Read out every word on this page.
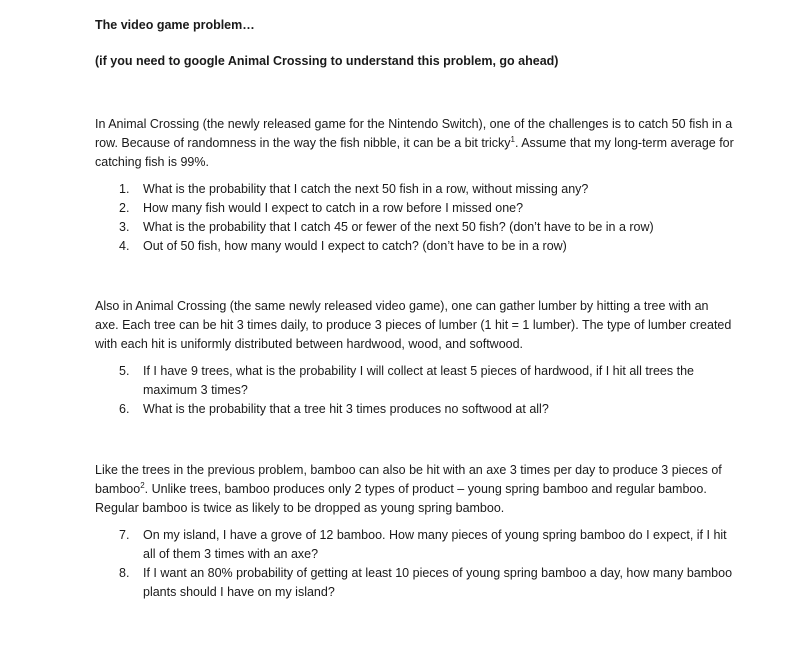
The video game problem…

(if you need to google Animal Crossing to understand this problem, go ahead)

In Animal Crossing (the newly released game for the Nintendo Switch), one of the challenges is to catch 50 fish in a row. Because of randomness in the way the fish nibble, it can be a bit tricky$^1$. Assume that my long-term average for catching fish is 99%.

1. What is the probability that I catch the next 50 fish in a row, without missing any?
2. How many fish would I expect to catch in a row before I missed one?
3. What is the probability that I catch 45 or fewer of the next 50 fish? (don’t have to be in a row)
4. Out of 50 fish, how many would I expect to catch? (don’t have to be in a row)

Also in Animal Crossing (the same newly released video game), one can gather lumber by hitting a tree with an axe. Each tree can be hit 3 times daily, to produce 3 pieces of lumber (1 hit = 1 lumber). The type of lumber created with each hit is uniformly distributed between hardwood, wood, and softwood.

5. If I have 9 trees, what is the probability I will collect at least 5 pieces of hardwood, if I hit all trees the maximum 3 times?
6. What is the probability that a tree hit 3 times produces no softwood at all?

Like the trees in the previous problem, bamboo can also be hit with an axe 3 times per day to produce 3 pieces of bamboo$^2$. Unlike trees, bamboo produces only 2 types of product – young spring bamboo and regular bamboo. Regular bamboo is twice as likely to be dropped as young spring bamboo.

7. On my island, I have a grove of 12 bamboo. How many pieces of young spring bamboo do I expect, if I hit all of them 3 times with an axe?
8. If I want an 80% probability of getting at least 10 pieces of young spring bamboo a day, how many bamboo plants should I have on my island?
